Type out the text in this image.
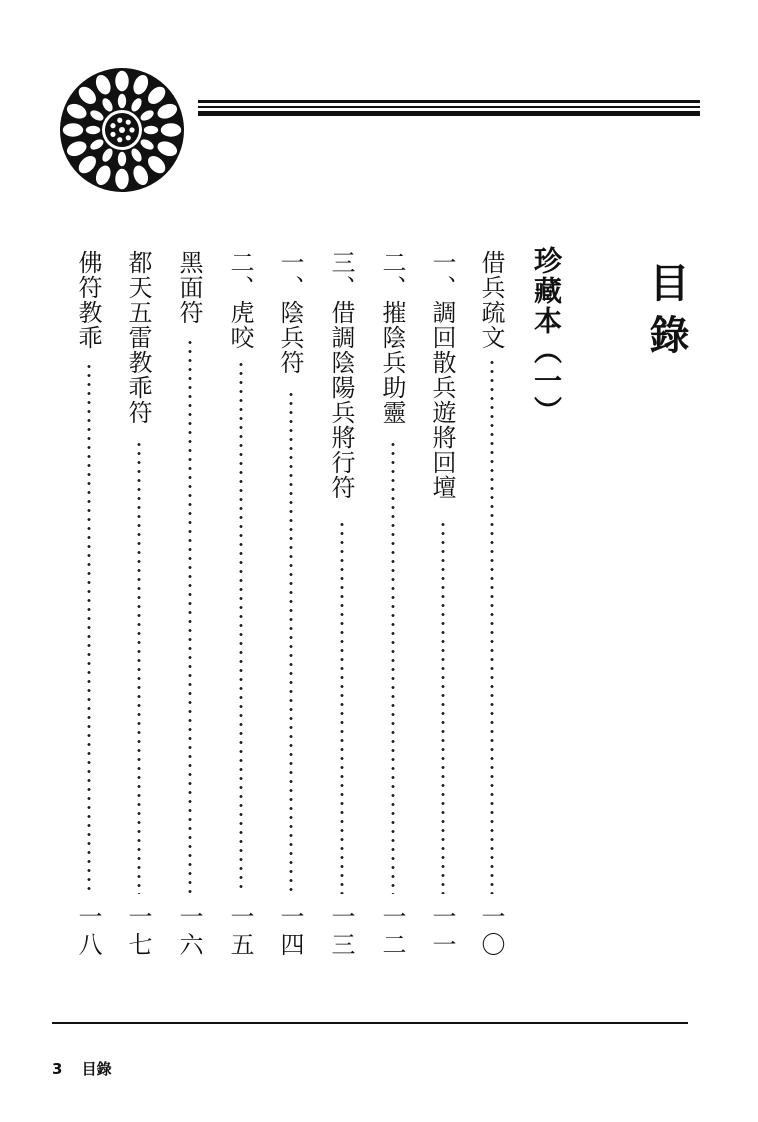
目錄
珍藏本（一）
借兵疏文
一〇
一、調回散兵遊將回壇
一一
二、摧陰兵助靈
一二
三、借調陰陽兵將行符
一三
一、陰兵符
一四
二、虎咬
一五
黑面符
一六
都天五雷教乖符
一七
佛符教乖
一八
3 目錄
